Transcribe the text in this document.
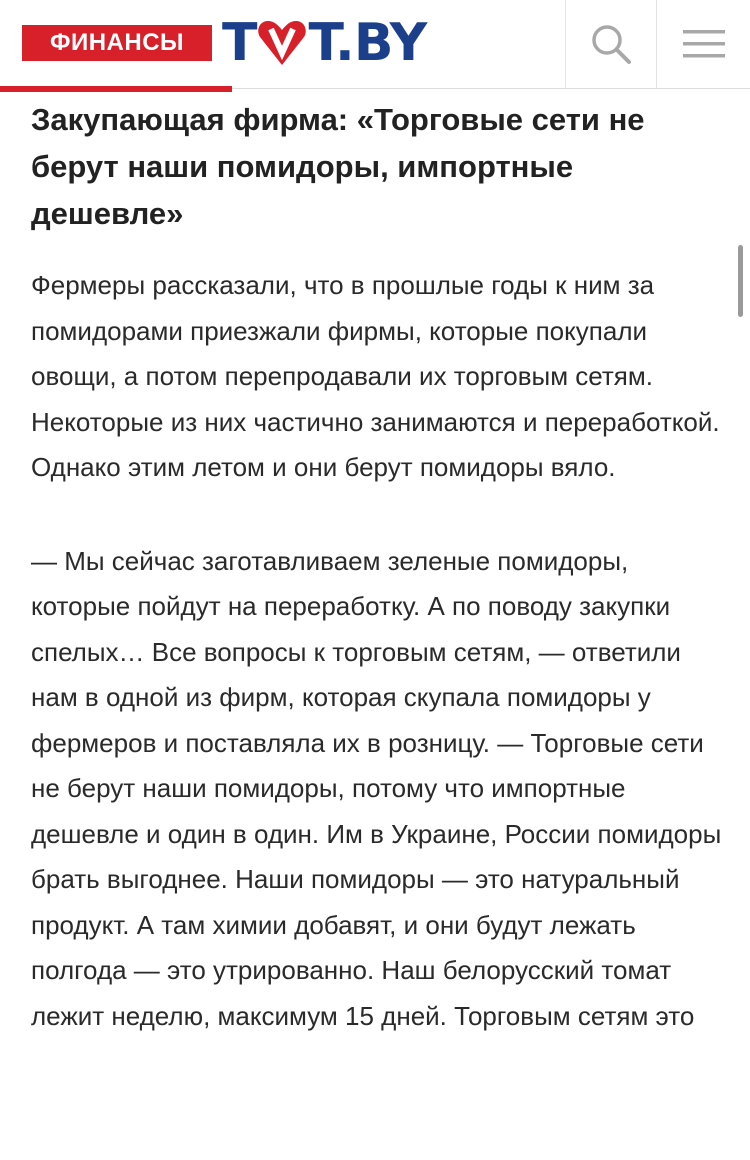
ФИНАНСЫ T T.BY
Закупающая фирма: «Торговые сети не берут наши помидоры, импортные дешевле»

Фермеры рассказали, что в прошлые годы к ним за помидорами приезжали фирмы, которые покупали овощи, а потом перепродавали их торговым сетям. Некоторые из них частично занимаются и переработкой. Однако этим летом и они берут помидоры вяло.

— Мы сейчас заготавливаем зеленые помидоры, которые пойдут на переработку. А по поводу закупки спелых… Все вопросы к торговым сетям, — ответили нам в одной из фирм, которая скупала помидоры у фермеров и поставляла их в розницу. — Торговые сети не берут наши помидоры, потому что импортные дешевле и один в один. Им в Украине, России помидоры брать выгоднее. Наши помидоры — это натуральный продукт. А там химии добавят, и они будут лежать полгода — это утрированно. Наш белорусский томат лежит неделю, максимум 15 дней. Торговым сетям это
